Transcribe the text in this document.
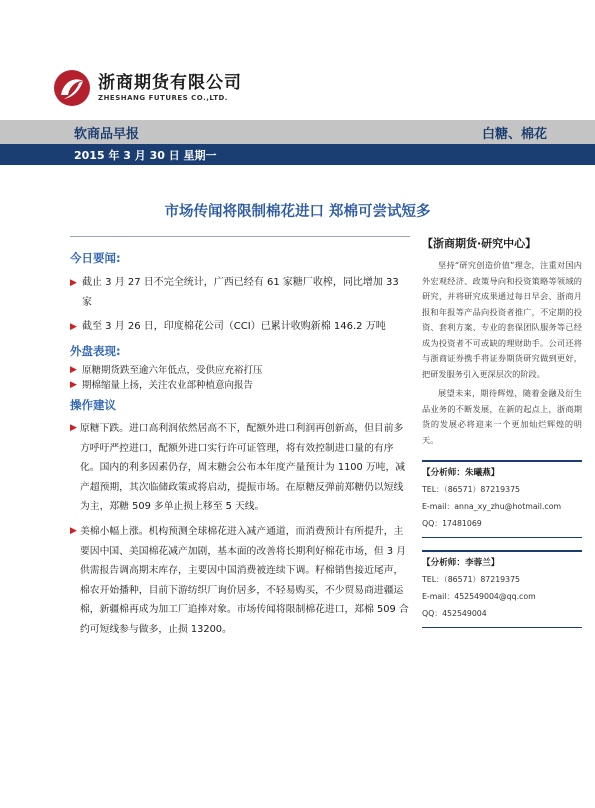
浙商期货有限公司
ZHESHANG FUTURES CO.,LTD.
软商品早报	白糖、棉花
2015 年 3 月 30 日 星期一
市场传闻将限制棉花进口 郑棉可尝试短多
今日要闻:
▶ 截止 3 月 27 日不完全统计，广西已经有 61 家糖厂收榨，同比增加 33 家
▶ 截至 3 月 26 日，印度棉花公司（CCI）已累计收购新棉 146.2 万吨
外盘表现:
▶ 原糖期货跌至逾六年低点，受供应充裕打压
▶ 期棉缩量上扬，关注农业部种植意向报告
操作建议
▶ 原糖下跌。进口高利润依然居高不下，配额外进口利润再创新高，但目前多方呼吁严控进口，配额外进口实行许可证管理，将有效控制进口量的有序化。国内的利多因素仍存，周末糖会公布本年度产量预计为 1100 万吨，减产超预期，其次临储政策或将启动，提振市场。在原糖反弹前郑糖仍以短线为主，郑糖 509 多单止损上移至 5 天线。
▶ 美棉小幅上涨。机构预测全球棉花进入减产通道，而消费预计有所提升，主要因中国、美国棉花减产加剧，基本面的改善将长期利好棉花市场，但 3 月供需报告调高期末库存，主要因中国消费被连续下调。籽棉销售接近尾声，棉农开始播种，目前下游纺织厂询价居多，不轻易购买，不少贸易商进疆运棉，新疆棉再成为加工厂追捧对象。市场传闻将限制棉花进口，郑棉 509 合约可短线参与做多，止损 13200。
【浙商期货·研究中心】
坚持“研究创造价值”理念，注重对国内外宏观经济、政策导向和投资策略等领域的研究，并将研究成果通过每日早会、浙商月报和年报等产品向投资者推广，不定期的投资、套利方案、专业的套保团队服务等已经成为投资者不可或缺的理财助手。公司还将与浙商证券携手将证券期货研究做到更好，把研发服务引入更深层次的阶段。
展望未来，期待辉煌，随着金融及衍生品业务的不断发展，在新的起点上，浙商期货的发展必将迎来一个更加灿烂辉煌的明天。
【分析师：朱曦燕】
TEL：（86571）87219375
E-mail：anna_xy_zhu@hotmail.com
QQ：17481069
【分析师：李蓉兰】
TEL：（86571）87219375
E-mail：452549004@qq.com
QQ：452549004
